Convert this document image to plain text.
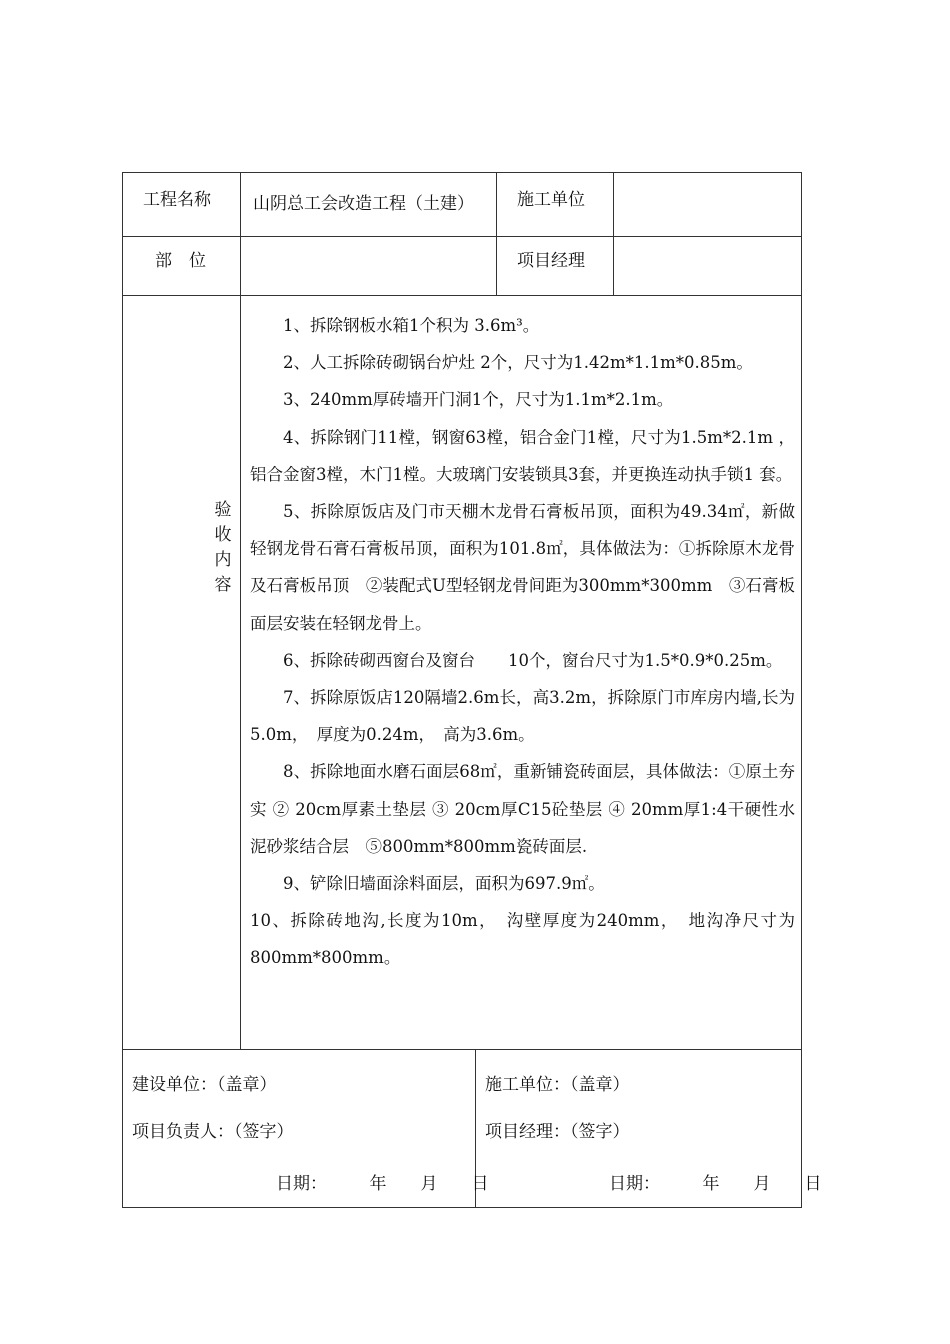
工程名称 山阴总工会改造工程（土建）	施工单位
部　位	项目经理
验
收
内
容

1、拆除钢板水箱1个积为 3.6m³。

2、人工拆除砖砌锅台炉灶 2个，尺寸为1.42m*1.1m*0.85m。

3、240mm厚砖墙开门洞1个，尺寸为1.1m*2.1m。

4、拆除钢门11樘，钢窗63樘，铝合金门1樘，尺寸为1.5m*2.1m ，铝合金窗3樘，木门1樘。大玻璃门安装锁具3套，并更换连动执手锁1 套。

5、拆除原饭店及门市天棚木龙骨石膏板吊顶，面积为49.34㎡，新做轻钢龙骨石膏石膏板吊顶，面积为101.8㎡，具体做法为：①拆除原木龙骨及石膏板吊顶　②装配式U型轻钢龙骨间距为300mm*300mm　③石膏板面层安装在轻钢龙骨上。

6、拆除砖砌西窗台及窗台　　10个，窗台尺寸为1.5*0.9*0.25m。

7、拆除原饭店120隔墙2.6m长，高3.2m，拆除原门市库房内墙,长为5.0m，　厚度为0.24m，　高为3.6m。

8、拆除地面水磨石面层68㎡，重新铺瓷砖面层，具体做法：①原土夯实 ② 20cm厚素土垫层 ③ 20cm厚C15砼垫层 ④ 20mm厚1:4干硬性水泥砂浆结合层　⑤800mm*800mm瓷砖面层.

9、铲除旧墙面涂料面层，面积为697.9㎡。

10、拆除砖地沟,长度为10m，　沟壁厚度为240mm，　地沟净尺寸为800mm*800mm。

建设单位：（盖章）
项目负责人：（签字）
日期：　　　年　　月　　日
施工单位：（盖章）
项目经理：（签字）
日期：　　　年　　月　　日
